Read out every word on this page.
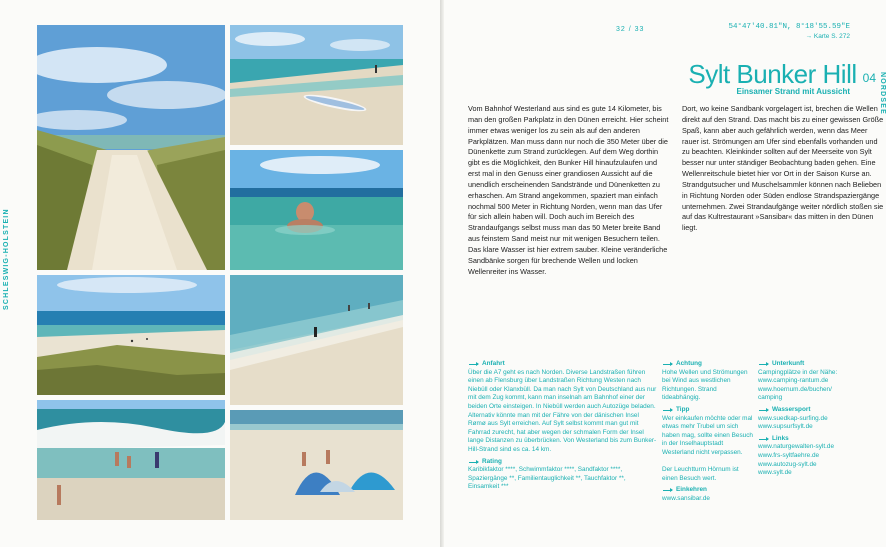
SCHLESWIG-HOLSTEIN
32 / 33	54°47'40.81"N, 8°18'55.59"E
→ Karte S. 272
Sylt Bunker Hill 04
Einsamer Strand mit Aussicht	NORDSEE
Vom Bahnhof Westerland aus sind es gute 14 Kilometer, bis man den großen Parkplatz in den Dünen erreicht. Hier scheint immer etwas weniger los zu sein als auf den anderen Parkplätzen. Man muss dann nur noch die 350 Meter über die Dünenkette zum Strand zurücklegen. Auf dem Weg dorthin gibt es die Möglichkeit, den Bunker Hill hinaufzulaufen und erst mal in den Genuss einer grandiosen Aussicht auf die unendlich erscheinenden Sandstrände und Dünenketten zu erhaschen. Am Strand angekommen, spaziert man einfach nochmal 500 Meter in Richtung Norden, wenn man das Ufer für sich allein haben will. Doch auch im Bereich des Strandaufgangs selbst muss man das 50 Meter breite Band aus feinstem Sand meist nur mit wenigen Besuchern teilen. Das klare Wasser ist hier extrem sauber. Kleine veränderliche Sandbänke sorgen für brechende Wellen und locken Wellenreiter ins Wasser.
Dort, wo keine Sandbank vorgelagert ist, brechen die Wellen direkt auf den Strand. Das macht bis zu einer gewissen Größe Spaß, kann aber auch gefährlich werden, wenn das Meer rauer ist. Strömungen am Ufer sind ebenfalls vorhanden und zu beachten. Kleinkinder sollten auf der Meerseite von Sylt besser nur unter ständiger Beobachtung baden gehen. Eine Wellenreitschule bietet hier vor Ort in der Saison Kurse an. Strandgutsucher und Muschelsammler können nach Belieben in Richtung Norden oder Süden endlose Strandspaziergänge unternehmen. Zwei Strandaufgänge weiter nördlich stoßen sie auf das Kultrestaurant »Sansibar« das mitten in den Dünen liegt.
Anfahrt

Über die A7 geht es nach Norden. Diverse Landstraßen führen einen ab Flensburg über Landstraßen Richtung Westen nach Niebüll oder Klanxbüll. Da man nach Sylt von Deutschland aus nur mit dem Zug kommt, kann man inselnah am Bahnhof einer der beiden Orte einsteigen. In Niebüll werden auch Autozüge beladen. Alternativ könnte man mit der Fähre von der dänischen Insel Rømø aus Sylt erreichen. Auf Sylt selbst kommt man gut mit Fahrrad zurecht, hat aber wegen der schmalen Form der Insel lange Distanzen zu überbrücken. Von Westerland bis zum Bunker-Hill-Strand sind es ca. 14 km.

Rating

Karibikfaktor ****, Schwimmfaktor ****, Sandfaktor ****, Spaziergänge **, Familientauglichkeit **, Tauchfaktor **, Einsamkeit ***

Achtung

Hohe Wellen und Strömungen bei Wind aus westlichen Richtungen. Strand tideabhängig.

Tipp

Wer einkaufen möchte oder mal etwas mehr Trubel um sich haben mag, sollte einen Besuch in der Inselhauptstadt Westerland nicht verpassen.

Der Leuchtturm Hörnum ist einen Besuch wert.

Einkehren

www.sansibar.de

Unterkunft

Campingplätze in der Nähe:
www.camping-rantum.de
www.hoernum.de/buchen/
camping

Wassersport

www.suedkap-surfing.de
www.supsurfsylt.de

Links

www.naturgewalten-sylt.de
www.frs-syltfaehre.de
www.autozug-sylt.de
www.sylt.de
